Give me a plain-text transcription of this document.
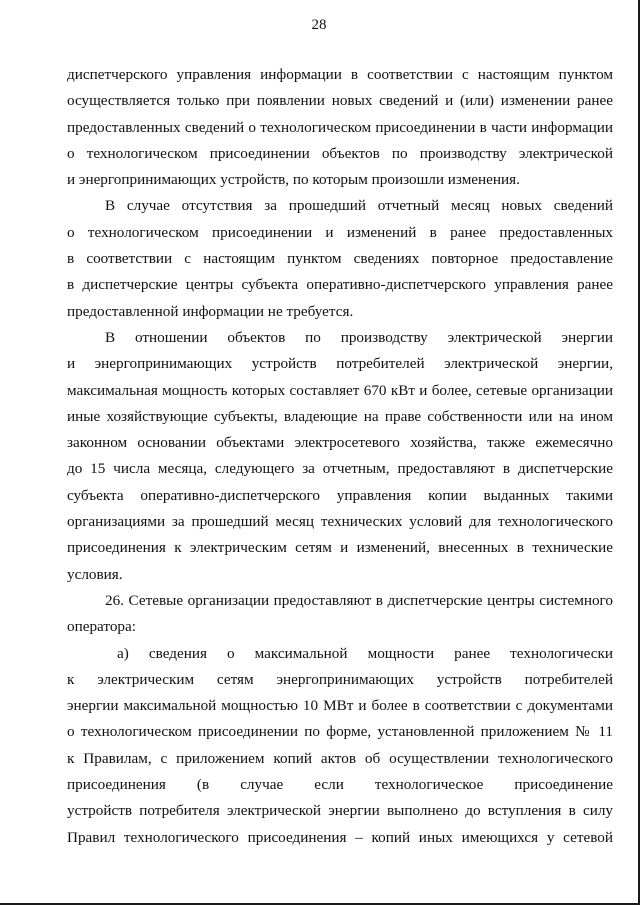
28
диспетчерского управления информации в соответствии с настоящим пунктом
осуществляется только при появлении новых сведений и (или) изменении ранее
предоставленных сведений о технологическом присоединении в части информации
о технологическом присоединении объектов по производству электрической
и энергопринимающих устройств, по которым произошли изменения.
В случае отсутствия за прошедший отчетный месяц новых сведений
о технологическом присоединении и изменений в ранее предоставленных
в соответствии с настоящим пунктом сведениях повторное предоставление
в диспетчерские центры субъекта оперативно-диспетчерского управления ранее
предоставленной информации не требуется.
В отношении объектов по производству электрической энергии
и энергопринимающих устройств потребителей электрической энергии,
максимальная мощность которых составляет 670 кВт и более, сетевые организации
иные хозяйствующие субъекты, владеющие на праве собственности или на ином
законном основании объектами электросетевого хозяйства, также ежемесячно
до 15 числа месяца, следующего за отчетным, предоставляют в диспетчерские
субъекта оперативно-диспетчерского управления копии выданных такими
организациями за прошедший месяц технических условий для технологического
присоединения к электрическим сетям и изменений, внесенных в технические
условия.
26. Сетевые организации предоставляют в диспетчерские центры системного
оператора:
а) сведения о максимальной мощности ранее технологически
к электрическим сетям энергопринимающих устройств потребителей
энергии максимальной мощностью 10 МВт и более в соответствии с документами
о технологическом присоединении по форме, установленной приложением № 11
к Правилам, с приложением копий актов об осуществлении технологического
присоединения (в случае если технологическое присоединение
устройств потребителя электрической энергии выполнено до вступления в силу
Правил технологического присоединения – копий иных имеющихся у сетевой
